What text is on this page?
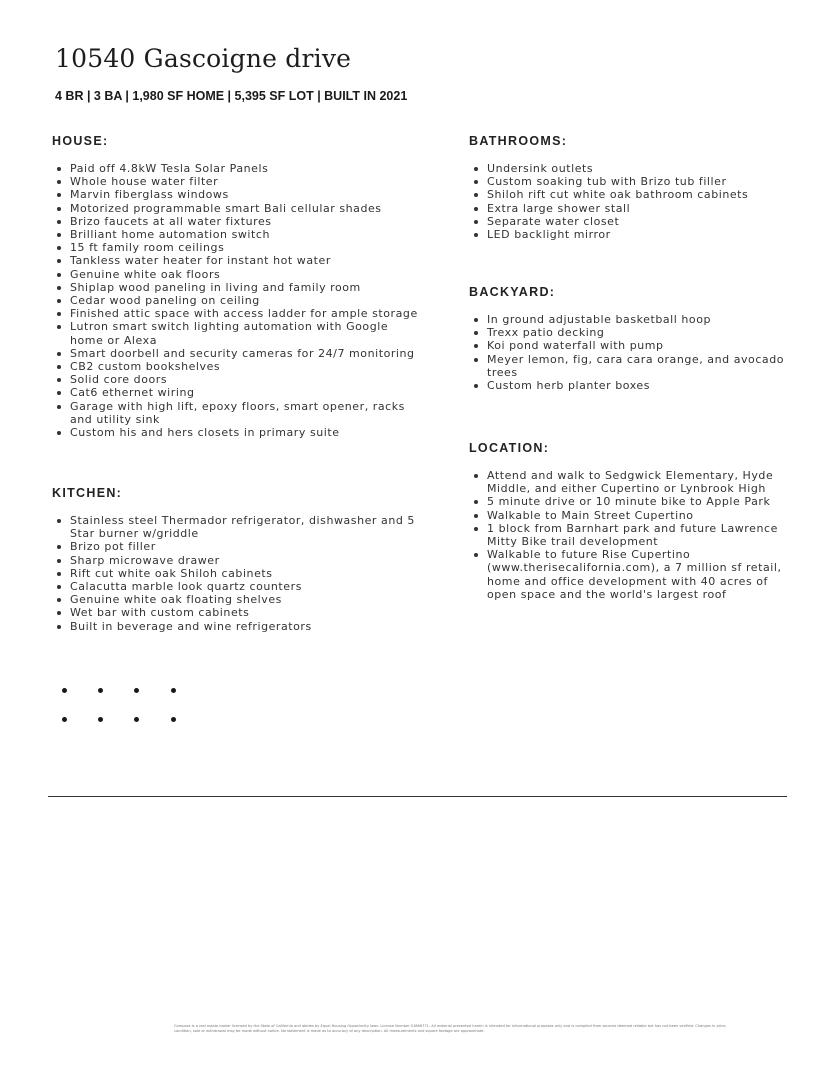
10540 Gascoigne drive
4 BR | 3 BA | 1,980 SF HOME | 5,395 SF LOT | BUILT IN 2021
HOUSE:
Paid off 4.8kW Tesla Solar Panels
Whole house water filter
Marvin fiberglass windows
Motorized programmable smart Bali cellular shades
Brizo faucets at all water fixtures
Brilliant home automation switch
15 ft family room ceilings
Tankless water heater for instant hot water
Genuine white oak floors
Shiplap wood paneling in living and family room
Cedar wood paneling on ceiling
Finished attic space with access ladder for ample storage
Lutron smart switch lighting automation with Google home or Alexa
Smart doorbell and security cameras for 24/7 monitoring
CB2 custom bookshelves
Solid core doors
Cat6 ethernet wiring
Garage with high lift, epoxy floors, smart opener, racks and utility sink
Custom his and hers closets in primary suite
KITCHEN:
Stainless steel Thermador refrigerator, dishwasher and 5 Star burner w/griddle
Brizo pot filler
Sharp microwave drawer
Rift cut white oak Shiloh cabinets
Calacutta marble look quartz counters
Genuine white oak floating shelves
Wet bar with custom cabinets
Built in beverage and wine refrigerators
BATHROOMS:
Undersink outlets
Custom soaking tub with Brizo tub filler
Shiloh rift cut white oak bathroom cabinets
Extra large shower stall
Separate water closet
LED backlight mirror
BACKYARD:
In ground adjustable basketball hoop
Trexx patio decking
Koi pond waterfall with pump
Meyer lemon, fig, cara cara orange, and avocado trees
Custom herb planter boxes
LOCATION:
Attend and walk to Sedgwick Elementary, Hyde Middle, and either Cupertino or Lynbrook High
5 minute drive or 10 minute bike to Apple Park
Walkable to Main Street Cupertino
1 block from Barnhart park and future Lawrence Mitty Bike trail development
Walkable to future Rise Cupertino (www.therisecalifornia.com), a 7 million sf retail, home and office development with 40 acres of open space and the world's largest roof
Compass is a real estate broker licensed by the State of California and abides by Equal Housing Opportunity laws. License Number 01866771. All material presented herein is intended for informational purposes only and is compiled from sources deemed reliable but has not been verified. Changes in price, condition, sale or withdrawal may be made without notice. No statement is made as to accuracy of any description. All measurements and square footage are approximate.
